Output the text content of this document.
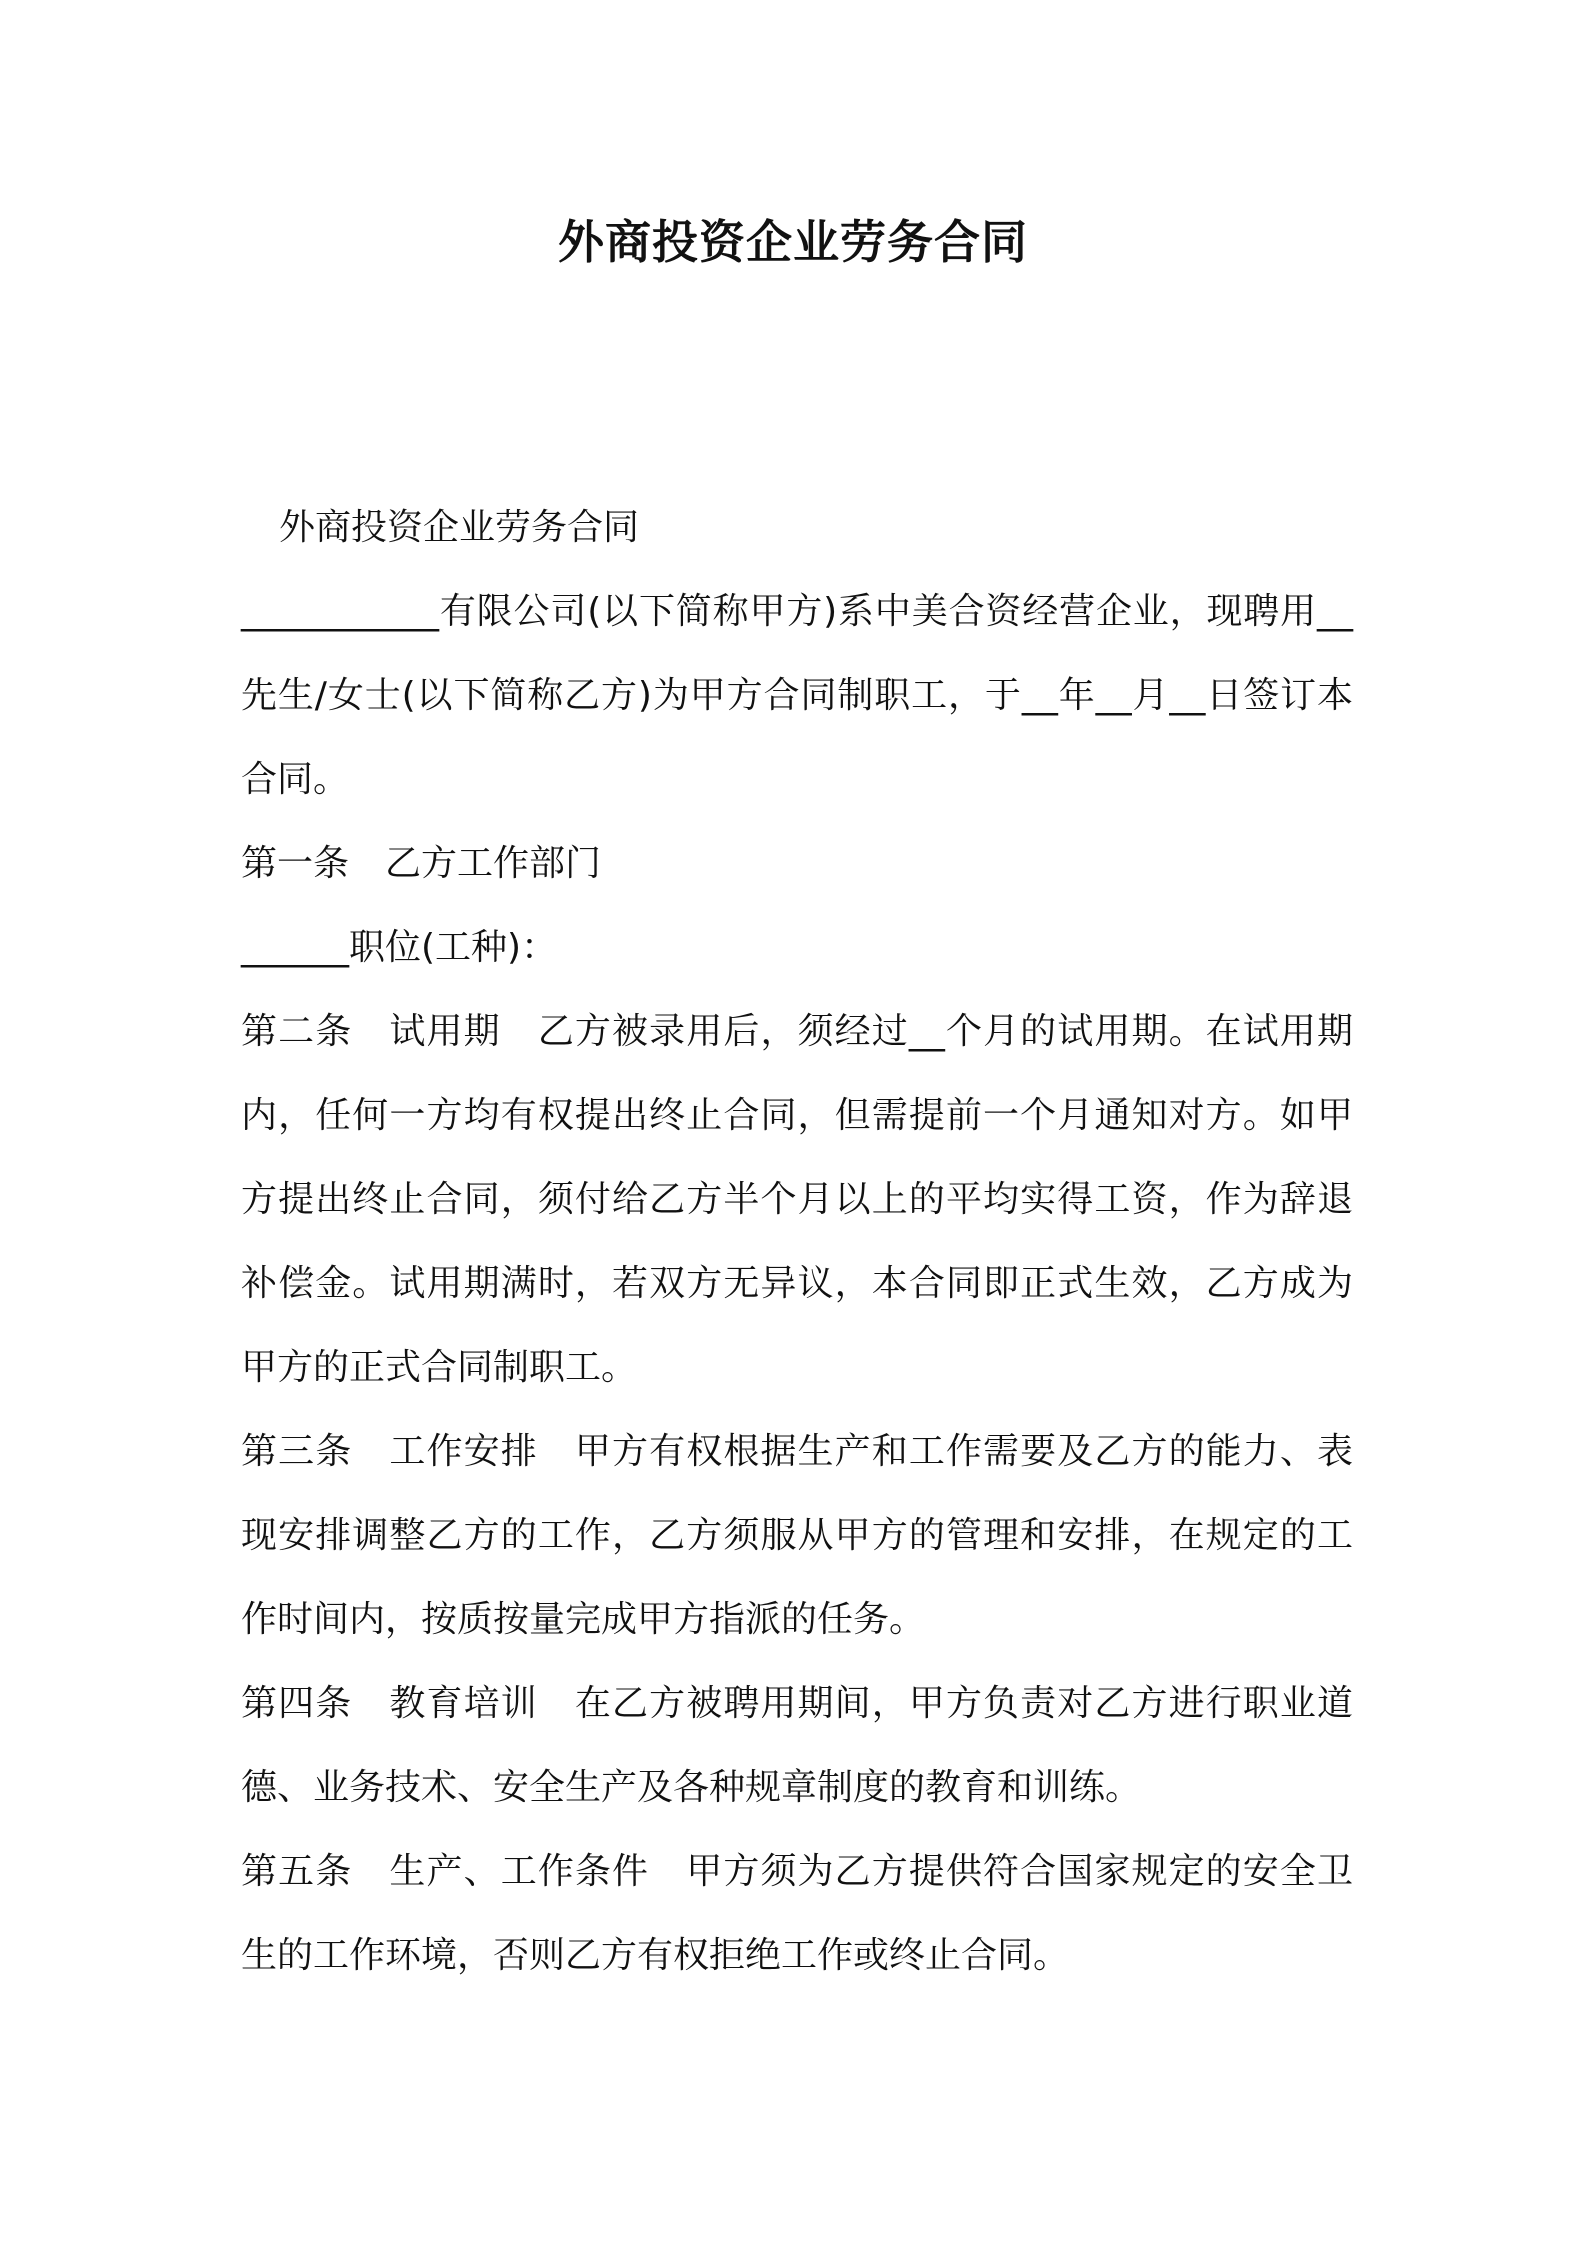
外商投资企业劳务合同

外商投资企业劳务合同

___________有限公司(以下简称甲方)系中美合资经营企业，现聘用__先生/女士(以下简称乙方)为甲方合同制职工，于__年__月__日签订本合同。

第一条　乙方工作部门

______职位(工种)：

第二条　试用期　乙方被录用后，须经过__个月的试用期。在试用期内，任何一方均有权提出终止合同，但需提前一个月通知对方。如甲方提出终止合同，须付给乙方半个月以上的平均实得工资，作为辞退补偿金。试用期满时，若双方无异议，本合同即正式生效，乙方成为甲方的正式合同制职工。

第三条　工作安排　甲方有权根据生产和工作需要及乙方的能力、表现安排调整乙方的工作，乙方须服从甲方的管理和安排，在规定的工作时间内，按质按量完成甲方指派的任务。

第四条　教育培训　在乙方被聘用期间，甲方负责对乙方进行职业道德、业务技术、安全生产及各种规章制度的教育和训练。

第五条　生产、工作条件　甲方须为乙方提供符合国家规定的安全卫生的工作环境，否则乙方有权拒绝工作或终止合同。
